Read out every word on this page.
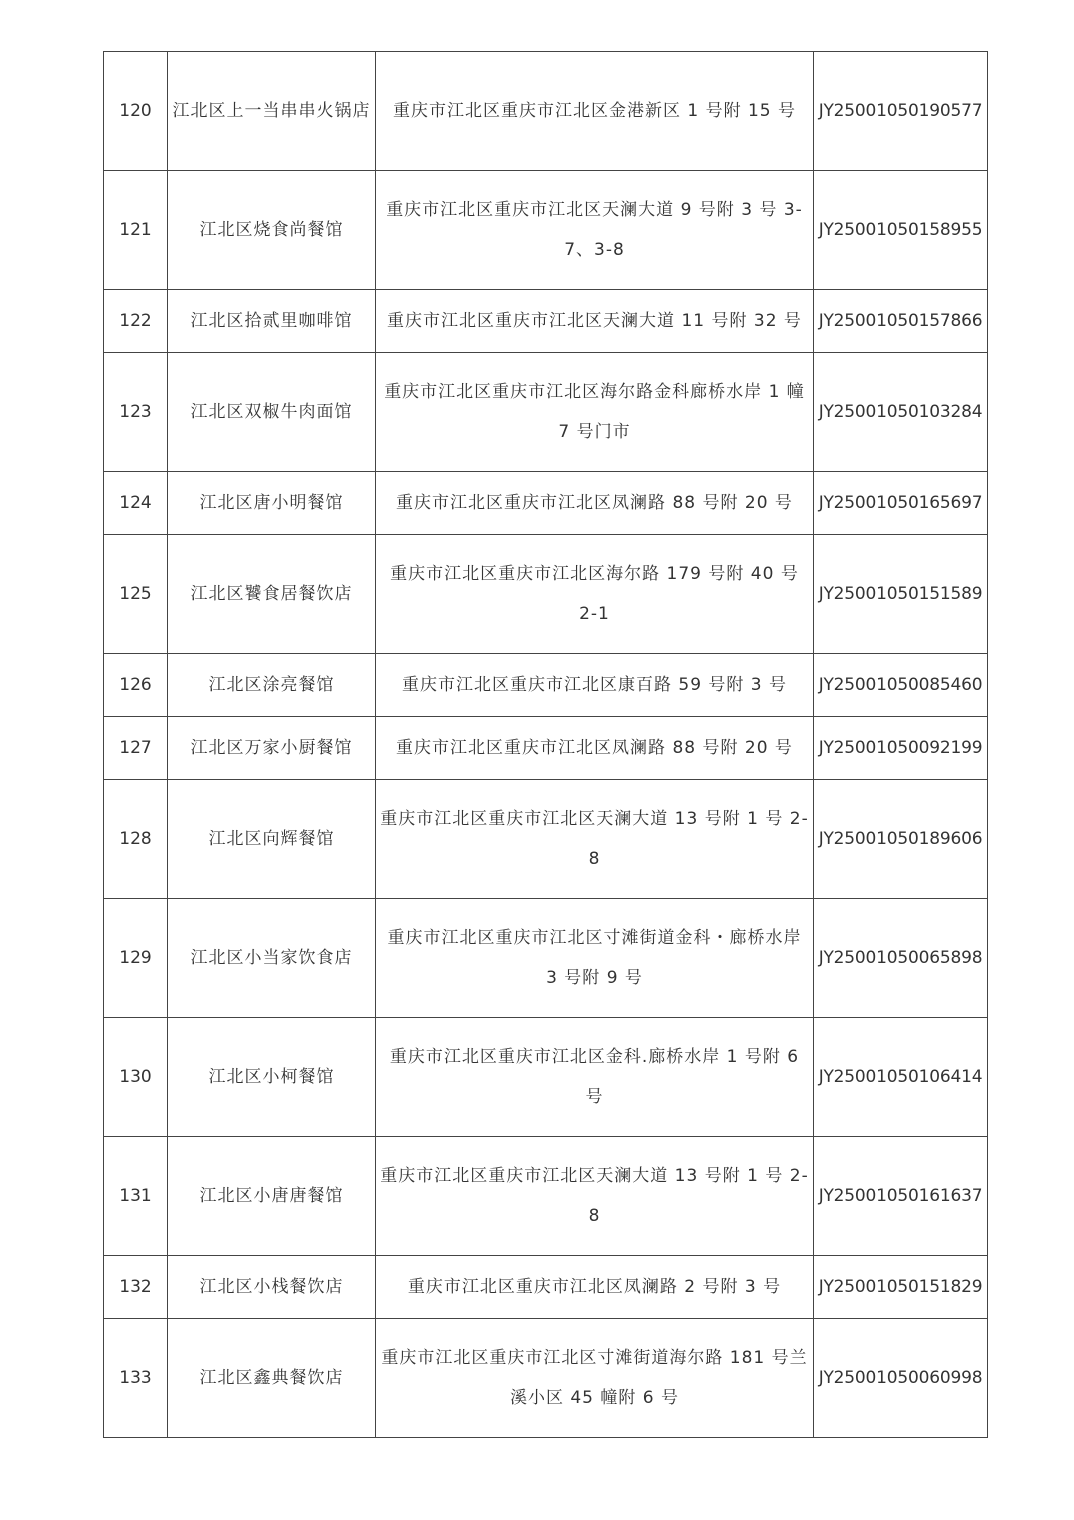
120	江北区上一当串串火锅店	重庆市江北区重庆市江北区金港新区 1 号附 15 号	JY25001050190577
121	江北区烧食尚餐馆	重庆市江北区重庆市江北区天澜大道 9 号附 3 号 3-7、3-8	JY25001050158955
122	江北区拾贰里咖啡馆	重庆市江北区重庆市江北区天澜大道 11 号附 32 号	JY25001050157866
123	江北区双椒牛肉面馆	重庆市江北区重庆市江北区海尔路金科廊桥水岸 1 幢 7 号门市	JY25001050103284
124	江北区唐小明餐馆	重庆市江北区重庆市江北区凤澜路 88 号附 20 号	JY25001050165697
125	江北区饕食居餐饮店	重庆市江北区重庆市江北区海尔路 179 号附 40 号 2-1	JY25001050151589
126	江北区涂亮餐馆	重庆市江北区重庆市江北区康百路 59 号附 3 号	JY25001050085460
127	江北区万家小厨餐馆	重庆市江北区重庆市江北区凤澜路 88 号附 20 号	JY25001050092199
128	江北区向辉餐馆	重庆市江北区重庆市江北区天澜大道 13 号附 1 号 2-8	JY25001050189606
129	江北区小当家饮食店	重庆市江北区重庆市江北区寸滩街道金科・廊桥水岸 3 号附 9 号	JY25001050065898
130	江北区小柯餐馆	重庆市江北区重庆市江北区金科.廊桥水岸 1 号附 6 号	JY25001050106414
131	江北区小唐唐餐馆	重庆市江北区重庆市江北区天澜大道 13 号附 1 号 2-8	JY25001050161637
132	江北区小栈餐饮店	重庆市江北区重庆市江北区凤澜路 2 号附 3 号	JY25001050151829
133	江北区鑫典餐饮店	重庆市江北区重庆市江北区寸滩街道海尔路 181 号兰溪小区 45 幢附 6 号	JY25001050060998
